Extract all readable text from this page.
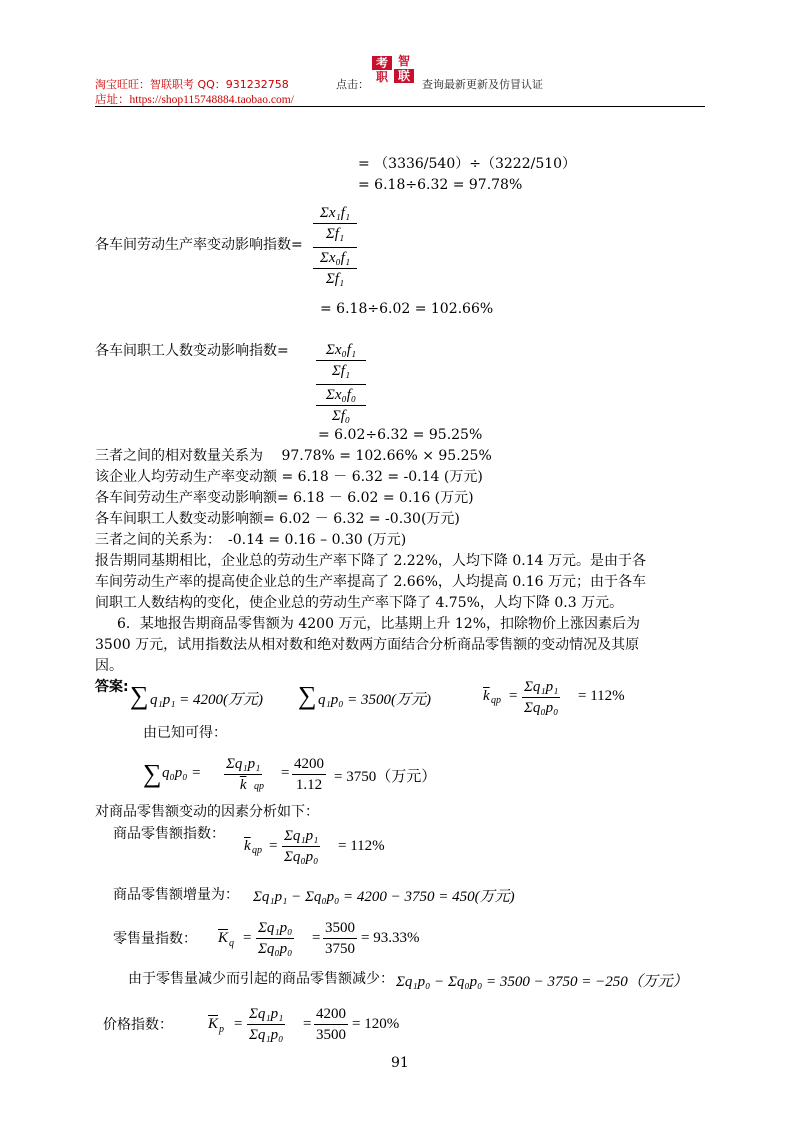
淘宝旺旺：智联职考 QQ：931232758
店址：https://shop115748884.taobao.com/
点击：
考 智
职 联
查询最新更新及仿冒认证
= （3336/540）÷（3222/510）
= 6.18÷6.32 = 97.78%
各车间劳动生产率变动影响指数=
Σx₁f₁
Σf₁
Σx₀f₁
Σf₁
= 6.18÷6.02 = 102.66%
各车间职工人数变动影响指数= Σx₀f₁
Σf₁
Σx₀f₀
Σf₀
= 6.02÷6.32 = 95.25%
三者之间的相对数量关系为　 97.78% = 102.66% × 95.25%
该企业人均劳动生产率变动额 = 6.18 － 6.32 = -0.14 (万元)
各车间劳动生产率变动影响额= 6.18 － 6.02 = 0.16 (万元)
各车间职工人数变动影响额= 6.02 － 6.32 = -0.30(万元)
三者之间的关系为：　-0.14 = 0.16 – 0.30 (万元)
报告期同基期相比，企业总的劳动生产率下降了 2.22%，人均下降 0.14 万元。是由于各
车间劳动生产率的提高使企业总的生产率提高了 2.66%，人均提高 0.16 万元；由于各车
间职工人数结构的变化，使企业总的劳动生产率下降了 4.75%，人均下降 0.3 万元。
6．某地报告期商品零售额为 4200 万元，比基期上升 12%，扣除物价上涨因素后为
3500 万元，试用指数法从相对数和绝对数两方面结合分析商品零售额的变动情况及其原
因。
答案: ∑ q₁p₁ = 4200(万元) ∑ q₁p₀ = 3500(万元)	$\overline{k}$ qp =
Σq₁p₁
Σq₀p₀
= 112%
由已知可得：
∑ $q_0p_0 = \frac{\text{Σq₁p₁}}{k}$
qp
=
4200
1.12 = 3750（万元）
对商品零售额变动的因素分析如下：
商品零售额指数：
$\overline{k}$ qp =
Σq₁p₁
Σq₀p₀
= 112%
商品零售额增量为： Σq₁p₁ − Σq₀p₀ = 4200 − 3750 = 450(万元)
零售量指数： $\overline{K}$ q =
Σq₁p₀
Σq₀p₀
=
3500
3750
= 93.33%
由于零售量减少而引起的商品零售额减少： Σq₁p₀ − Σq₀p₀ = 3500 − 3750 = −250（万元）
价格指数： $\overline{K}$ p =
Σq₁p₁
Σq₁p₀
=
4200
3500
= 120%
91
